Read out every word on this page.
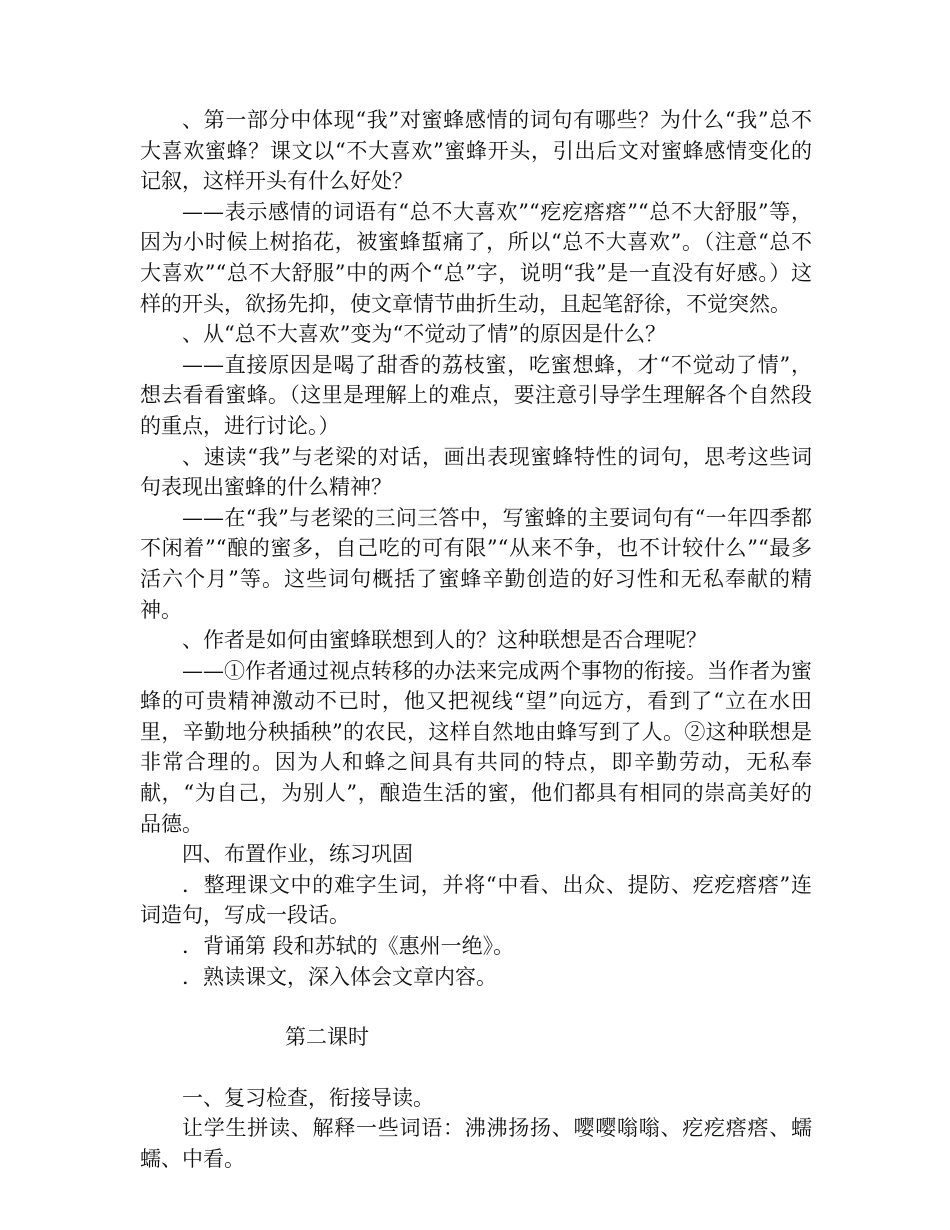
、第一部分中体现“我”对蜜蜂感情的词句有哪些？为什么“我”总不大喜欢蜜蜂？课文以“不大喜欢”蜜蜂开头，引出后文对蜜蜂感情变化的记叙，这样开头有什么好处？

——表示感情的词语有“总不大喜欢”“疙疙瘩瘩”“总不大舒服”等，因为小时候上树掐花，被蜜蜂蜇痛了，所以“总不大喜欢”。（注意“总不大喜欢”“总不大舒服”中的两个“总”字，说明“我”是一直没有好感。）这样的开头，欲扬先抑，使文章情节曲折生动，且起笔舒徐，不觉突然。

、从“总不大喜欢”变为“不觉动了情”的原因是什么？

——直接原因是喝了甜香的荔枝蜜，吃蜜想蜂，才“不觉动了情”，想去看看蜜蜂。（这里是理解上的难点，要注意引导学生理解各个自然段的重点，进行讨论。）

、速读“我”与老梁的对话，画出表现蜜蜂特性的词句，思考这些词句表现出蜜蜂的什么精神？

——在“我”与老梁的三问三答中，写蜜蜂的主要词句有“一年四季都不闲着”“酿的蜜多，自己吃的可有限”“从来不争，也不计较什么”“最多活六个月”等。这些词句概括了蜜蜂辛勤创造的好习性和无私奉献的精神。

、作者是如何由蜜蜂联想到人的？这种联想是否合理呢？

——①作者通过视点转移的办法来完成两个事物的衔接。当作者为蜜蜂的可贵精神激动不已时，他又把视线“望”向远方，看到了“立在水田里，辛勤地分秧插秧”的农民，这样自然地由蜂写到了人。②这种联想是非常合理的。因为人和蜂之间具有共同的特点，即辛勤劳动，无私奉献，“为自己，为别人”，酿造生活的蜜，他们都具有相同的崇高美好的品德。

四、布置作业，练习巩固

．整理课文中的难字生词，并将“中看、出众、提防、疙疙瘩瘩”连词造句，写成一段话。

．背诵第 段和苏轼的《惠州一绝》。

．熟读课文，深入体会文章内容。

第二课时

一、复习检查，衔接导读。

让学生拼读、解释一些词语：沸沸扬扬、嘤嘤嗡嗡、疙疙瘩瘩、蠕蠕、中看。
